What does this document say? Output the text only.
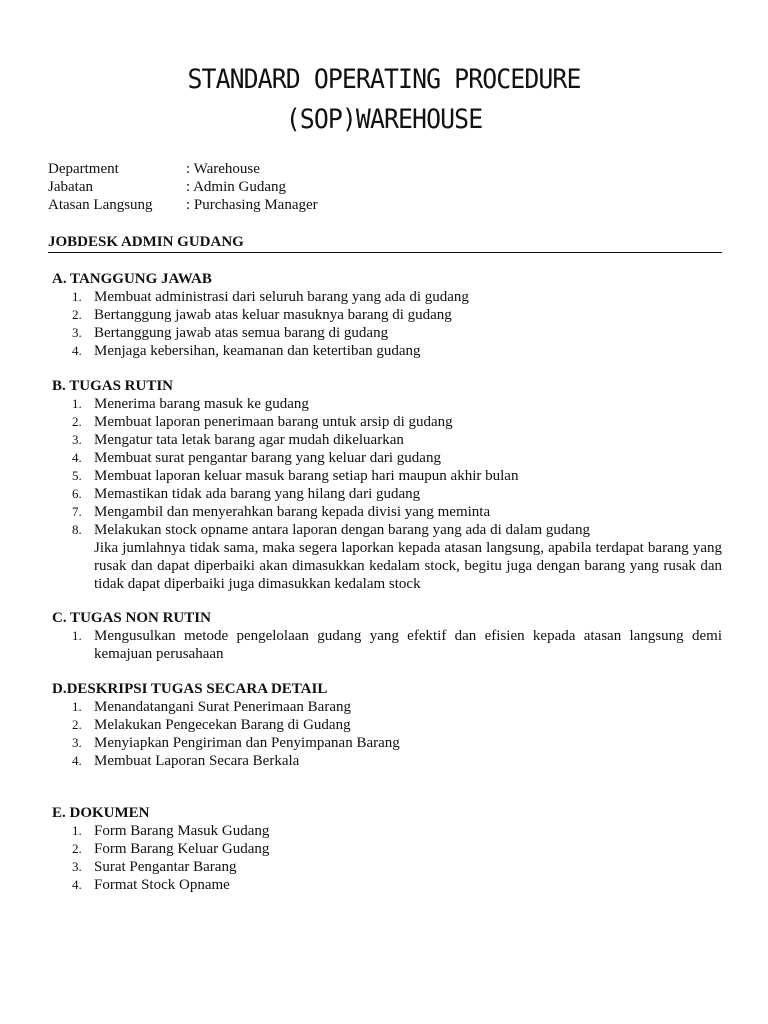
STANDARD OPERATING PROCEDURE
(SOP)WAREHOUSE
Department	: Warehouse
Jabatan	: Admin Gudang
Atasan Langsung	: Purchasing Manager
JOBDESK ADMIN GUDANG
A. TANGGUNG JAWAB
1. Membuat administrasi dari seluruh barang yang ada di gudang
2. Bertanggung jawab atas keluar masuknya barang di gudang
3. Bertanggung jawab atas semua barang di gudang
4. Menjaga kebersihan, keamanan dan ketertiban gudang
B. TUGAS RUTIN
1. Menerima barang masuk ke gudang
2. Membuat laporan penerimaan barang untuk arsip di gudang
3. Mengatur tata letak barang agar mudah dikeluarkan
4. Membuat surat pengantar barang yang keluar dari gudang
5. Membuat laporan keluar masuk barang setiap hari maupun akhir bulan
6. Memastikan tidak ada barang yang hilang dari gudang
7. Mengambil dan menyerahkan barang kepada divisi yang meminta
8. Melakukan stock opname antara laporan dengan barang yang ada di dalam gudang
Jika jumlahnya tidak sama, maka segera laporkan kepada atasan langsung, apabila terdapat barang yang rusak dan dapat diperbaiki akan dimasukkan kedalam stock, begitu juga dengan barang yang rusak dan tidak dapat diperbaiki juga dimasukkan kedalam stock
C. TUGAS NON RUTIN
1. Mengusulkan metode pengelolaan gudang yang efektif dan efisien kepada atasan langsung demi kemajuan perusahaan
D.DESKRIPSI TUGAS SECARA DETAIL
1. Menandatangani Surat Penerimaan Barang
2. Melakukan Pengecekan Barang di Gudang
3. Menyiapkan Pengiriman dan Penyimpanan Barang
4. Membuat Laporan Secara Berkala
E. DOKUMEN
1. Form Barang Masuk Gudang
2. Form Barang Keluar Gudang
3. Surat Pengantar Barang
4. Format Stock Opname
